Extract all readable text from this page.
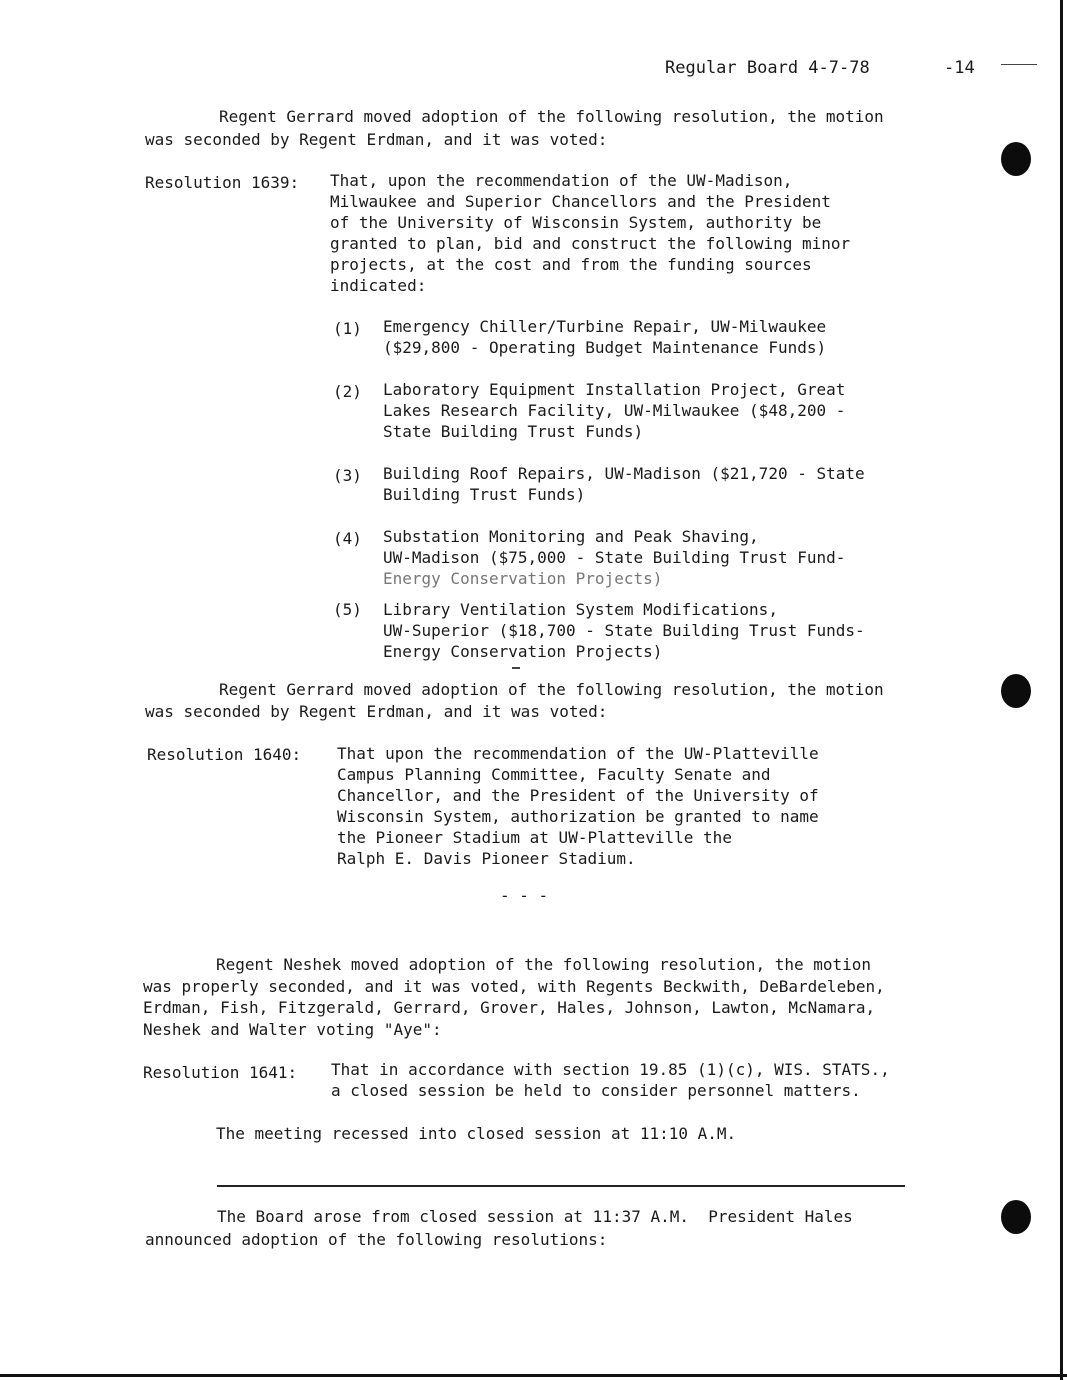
Regular Board 4-7-78	-14
Regent Gerrard moved adoption of the following resolution, the motion
was seconded by Regent Erdman, and it was voted:
Resolution 1639: That, upon the recommendation of the UW-Madison,
Milwaukee and Superior Chancellors and the President
of the University of Wisconsin System, authority be
granted to plan, bid and construct the following minor
projects, at the cost and from the funding sources
indicated:
(1) Emergency Chiller/Turbine Repair, UW-Milwaukee
($29,800 - Operating Budget Maintenance Funds)
(2) Laboratory Equipment Installation Project, Great
Lakes Research Facility, UW-Milwaukee ($48,200 -
State Building Trust Funds)
(3) Building Roof Repairs, UW-Madison ($21,720 - State
Building Trust Funds)
(4) Substation Monitoring and Peak Shaving,
UW-Madison ($75,000 - State Building Trust Fund-
Energy Conservation Projects)
(5) Library Ventilation System Modifications,
UW-Superior ($18,700 - State Building Trust Funds-
Energy Conservation Projects)
Regent Gerrard moved adoption of the following resolution, the motion
was seconded by Regent Erdman, and it was voted:
Resolution 1640: That upon the recommendation of the UW-Platteville
Campus Planning Committee, Faculty Senate and
Chancellor, and the President of the University of
Wisconsin System, authorization be granted to name
the Pioneer Stadium at UW-Platteville the
Ralph E. Davis Pioneer Stadium.
- - -
Regent Neshek moved adoption of the following resolution, the motion
was properly seconded, and it was voted, with Regents Beckwith, DeBardeleben,
Erdman, Fish, Fitzgerald, Gerrard, Grover, Hales, Johnson, Lawton, McNamara,
Neshek and Walter voting "Aye":
Resolution 1641: That in accordance with section 19.85 (1)(c), WIS. STATS.,
a closed session be held to consider personnel matters.
The meeting recessed into closed session at 11:10 A.M.
The Board arose from closed session at 11:37 A.M.  President Hales
announced adoption of the following resolutions:
